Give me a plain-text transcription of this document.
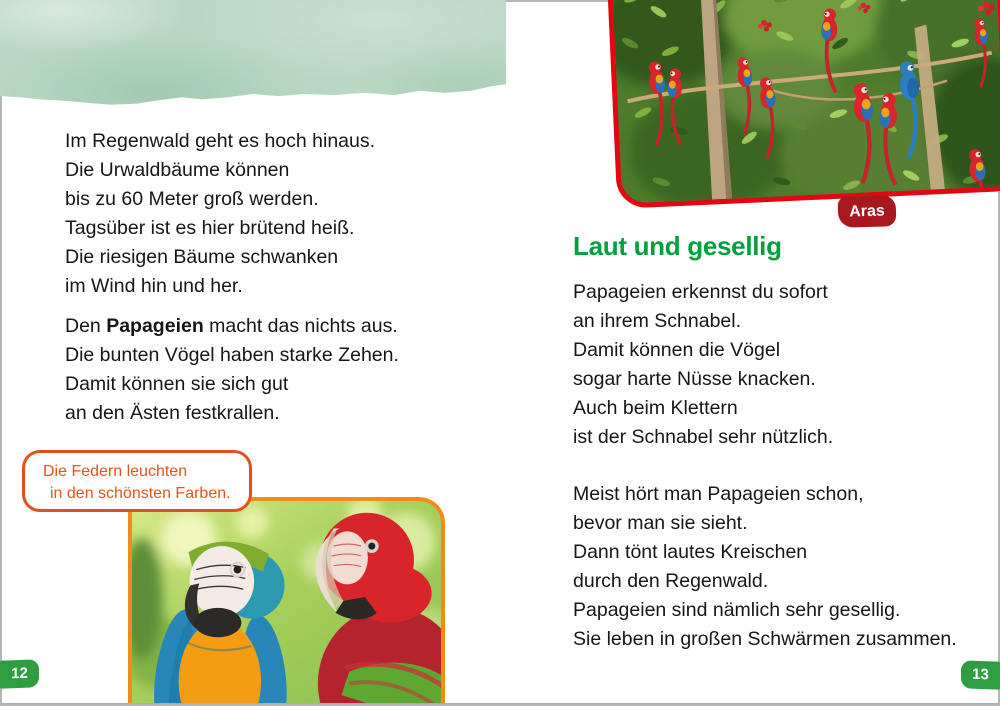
Im Regenwald geht es hoch hinaus.
Die Urwaldbäume können
bis zu 60 Meter groß werden.
Tagsüber ist es hier brütend heiß.
Die riesigen Bäume schwanken
im Wind hin und her.
Den Papageien macht das nichts aus.
Die bunten Vögel haben starke Zehen.
Damit können sie sich gut
an den Ästen festkrallen.
Die Federn leuchten
in den schönsten Farben.
Aras
Laut und gesellig
Papageien erkennst du sofort
an ihrem Schnabel.
Damit können die Vögel
sogar harte Nüsse knacken.
Auch beim Klettern
ist der Schnabel sehr nützlich.
Meist hört man Papageien schon,
bevor man sie sieht.
Dann tönt lautes Kreischen
durch den Regenwald.
Papageien sind nämlich sehr gesellig.
Sie leben in großen Schwärmen zusammen.
12	13
